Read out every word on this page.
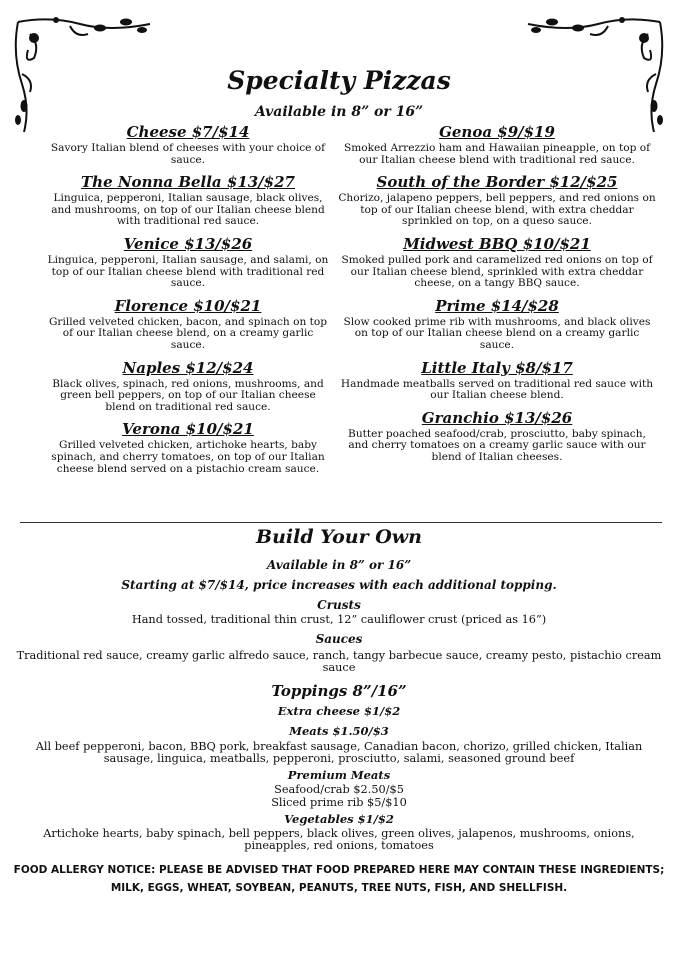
Specialty Pizzas
Available in 8” or 16”
Cheese $7/$14
Savory Italian blend of cheeses with your choice of sauce.
The Nonna Bella $13/$27
Linguica, pepperoni, Italian sausage, black olives, and mushrooms, on top of our Italian cheese blend with traditional red sauce.
Venice $13/$26
Linguica, pepperoni, Italian sausage, and salami, on top of our Italian cheese blend with traditional red sauce.
Florence $10/$21
Grilled velveted chicken, bacon, and spinach on top of our Italian cheese blend, on a creamy garlic sauce.
Naples $12/$24
Black olives, spinach, red onions, mushrooms, and green bell peppers, on top of our Italian cheese blend on traditional red sauce.
Verona $10/$21
Grilled velveted chicken, artichoke hearts, baby spinach, and cherry tomatoes, on top of our Italian cheese blend served on a pistachio cream sauce.
Genoa $9/$19
Smoked Arrezzio ham and Hawaiian pineapple, on top of our Italian cheese blend with traditional red sauce.
South of the Border $12/$25
Chorizo, jalapeno peppers, bell peppers, and red onions on top of our Italian cheese blend, with extra cheddar sprinkled on top, on a queso sauce.
Midwest BBQ $10/$21
Smoked pulled pork and caramelized red onions on top of our Italian cheese blend, sprinkled with extra cheddar cheese, on a tangy BBQ sauce.
Prime $14/$28
Slow cooked prime rib with mushrooms, and black olives on top of our Italian cheese blend on a creamy garlic sauce.
Little Italy $8/$17
Handmade meatballs served on traditional red sauce with our Italian cheese blend.
Granchio $13/$26
Butter poached seafood/crab, prosciutto, baby spinach, and cherry tomatoes on a creamy garlic sauce with our blend of Italian cheeses.
Build Your Own
Available in 8” or 16”
Starting at $7/$14, price increases with each additional topping.
Crusts
Hand tossed, traditional thin crust, 12” cauliflower crust (priced as 16”)
Sauces
Traditional red sauce, creamy garlic alfredo sauce, ranch, tangy barbecue sauce, creamy pesto, pistachio cream sauce
Toppings 8”/16”
Extra cheese $1/$2
Meats $1.50/$3
All beef pepperoni, bacon, BBQ pork, breakfast sausage, Canadian bacon, chorizo, grilled chicken, Italian sausage, linguica, meatballs, pepperoni, prosciutto, salami, seasoned ground beef
Premium Meats
Seafood/crab $2.50/$5
Sliced prime rib $5/$10
Vegetables $1/$2
Artichoke hearts, baby spinach, bell peppers, black olives, green olives, jalapenos, mushrooms, onions, pineapples, red onions, tomatoes
FOOD ALLERGY NOTICE: PLEASE BE ADVISED THAT FOOD PREPARED HERE MAY CONTAIN THESE INGREDIENTS;
MILK, EGGS, WHEAT, SOYBEAN, PEANUTS, TREE NUTS, FISH, AND SHELLFISH.
